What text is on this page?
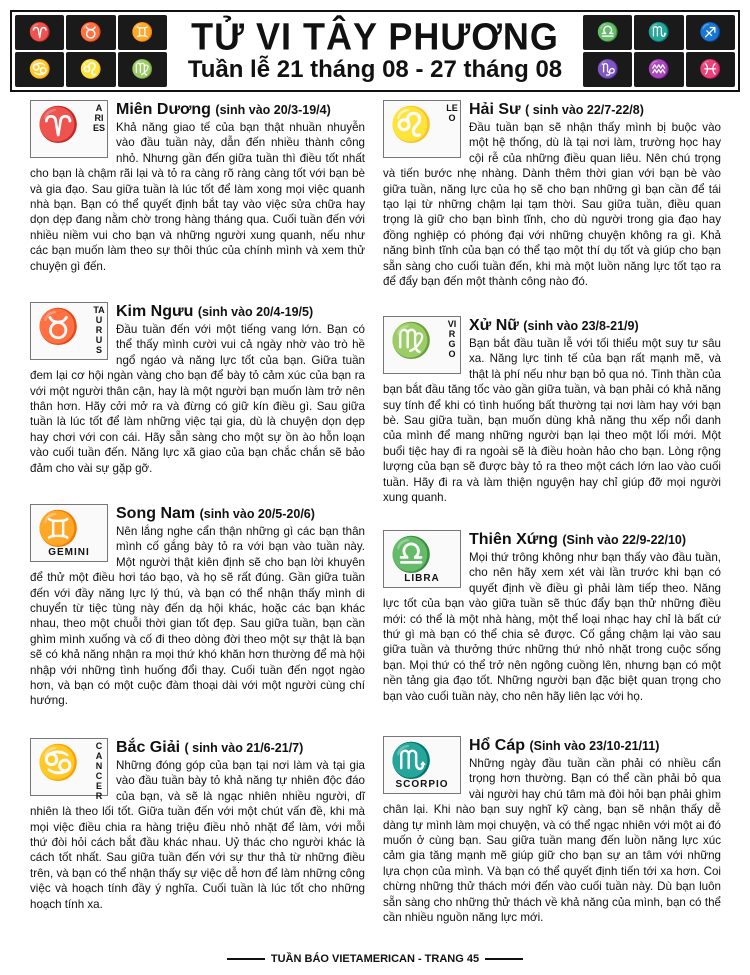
♈	♉	♊
♋	♌	♍
TỬ VI TÂY PHƯƠNG
Tuần lễ 21 tháng 08 - 27 tháng 08
♎	♏	♐
♑	♒	♓
♈	ARIES
Miên Dương (sinh vào 20/3-19/4)
Khả năng giao tế của bạn thật nhuần nhuyễn vào đầu tuần này, dẫn đến nhiều thành công nhỏ. Nhưng gần đến giữa tuần thì điều tốt nhất cho bạn là chậm rãi lại và tỏ ra càng rõ ràng càng tốt với bạn bè và gia đạo. Sau giữa tuần là lúc tốt để làm xong mọi việc quanh nhà bạn. Bạn có thể quyết định bắt tay vào việc sửa chữa hay dọn dẹp đang nằm chờ trong hàng tháng qua. Cuối tuần đến với nhiều niềm vui cho bạn và những người xung quanh, nếu như các bạn muốn làm theo sự thôi thúc của chính mình và xem thử chuyện gì đến.
♉ TAURUS
Kim Ngưu (sinh vào 20/4-19/5)
Đầu tuần đến với một tiếng vang lớn. Bạn có thể thấy mình cười vui cả ngày nhờ vào trò hề ngổ ngáo và năng lực tốt của bạn. Giữa tuần đem lại cơ hội ngàn vàng cho bạn để bày tỏ cảm xúc của bạn ra với một người thân cận, hay là một người bạn muốn làm trở nên thân hơn. Hãy cởi mở ra và đừng có giữ kín điều gì. Sau giữa tuần là lúc tốt để làm những việc tại gia, dù là chuyện dọn dẹp hay chơi với con cái. Hãy sẵn sàng cho một sự ồn ào hỗn loạn vào cuối tuần đến. Năng lực xã giao của bạn chắc chắn sẽ bảo đảm cho vài sự gặp gỡ.
♊
GEMINI
Song Nam (sinh vào 20/5-20/6)
Nên lắng nghe cẩn thận những gì các bạn thân mình cố gắng bày tỏ ra với bạn vào tuần này. Một người thật kiên định sẽ cho bạn lời khuyên để thử một điều hơi táo bạo, và họ sẽ rất đúng. Gần giữa tuần đến với đầy năng lực lý thú, và bạn có thể nhận thấy mình di chuyển từ tiệc tùng này đến dạ hội khác, hoặc các bạn khác nhau, theo một chuỗi thời gian tốt đẹp. Sau giữa tuần, bạn cần ghìm mình xuống và cố đi theo dòng đời theo một sự thật là bạn sẽ có khả năng nhận ra mọi thứ khó khăn hơn thường để mà hội nhập với những tình huống đổi thay. Cuối tuần đến ngọt ngào hơn, và bạn có một cuộc đàm thoại dài với một người cùng chí hướng.
♋	CANCER
Bắc Giải ( sinh vào 21/6-21/7)
Những đóng góp của bạn tại nơi làm và tại gia vào đầu tuần bày tỏ khả năng tự nhiên độc đáo của bạn, và sẽ là ngạc nhiên nhiều người, dĩ nhiên là theo lối tốt. Giữa tuần đến với một chút vấn đề, khi mà mọi việc điều chia ra hàng triệu điều nhỏ nhặt để làm, với mỗi thứ đòi hỏi cách bắt đầu khác nhau. Uỷ thác cho người khác là cách tốt nhất. Sau giữa tuần đến với sự thư thả từ những điều trên, và bạn có thể nhận thấy sự việc dễ hơn để làm những công việc và hoạch tính đầy ý nghĩa. Cuối tuần là lúc tốt cho những hoạch tính xa.
♌ LEO Hải Sư ( sinh vào 22/7-22/8)
Đầu tuần bạn sẽ nhận thấy mình bị buộc vào một hệ thống, dù là tại nơi làm, trường học hay cội rễ của những điều quan liêu. Nên chú trọng và tiến bước nhẹ nhàng. Dành thêm thời gian với bạn bè vào giữa tuần, năng lực của họ sẽ cho bạn những gì bạn cần để tái tạo lại từ những chậm lại tạm thời. Sau giữa tuần, điều quan trọng là giữ cho bạn bình tĩnh, cho dù người trong gia đạo hay đồng nghiệp có phóng đại với những chuyện không ra gì. Khả năng bình tĩnh của bạn có thể tạo một thí dụ tốt và giúp cho bạn sẵn sàng cho cuối tuần đến, khi mà một luồn năng lực tốt tạo ra để đẩy bạn đến một thành công nào đó.
♍ VIRGO
Xử Nữ (sinh vào 23/8-21/9)
Bạn bắt đầu tuần lễ với tối thiểu một suy tư sâu xa. Năng lực tinh tế của bạn rất mạnh mẽ, và thật là phí nếu như bạn bỏ qua nó. Tinh thần của bạn bắt đầu tăng tốc vào gần giữa tuần, và bạn phải có khả năng suy tính để khi có tình huống bất thường tại nơi làm hay với bạn bè. Sau giữa tuần, bạn muốn dùng khả năng thu xếp nổi danh của mình để mang những người bạn lại theo một lối mới. Một buổi tiệc hay đi ra ngoài sẽ là điều hoàn hảo cho bạn. Lòng rộng lượng của bạn sẽ được bày tỏ ra theo một cách lớn lao vào cuối tuần. Hãy đi ra và làm thiện nguyện hay chỉ giúp đỡ mọi người xung quanh.
♎
LIBRA
Thiên Xứng (Sinh vào 22/9-22/10)
Mọi thứ trông không như bạn thấy vào đầu tuần, cho nên hãy xem xét vài lần trước khi bạn có quyết định về điều gì phải làm tiếp theo. Năng lực tốt của bạn vào giữa tuần sẽ thúc đẩy bạn thử những điều mới: có thể là một nhà hàng, một thể loại nhạc hay chỉ là bất cứ thứ gì mà bạn có thể chia sẻ được. Cố gắng chậm lại vào sau giữa tuần và thưởng thức những thứ nhỏ nhặt trong cuộc sống bạn. Mọi thứ có thể trở nên ngông cuồng lên, nhưng bạn có một nền tảng gia đạo tốt. Những người bạn đặc biệt quan trọng cho bạn vào cuối tuần này, cho nên hãy liên lạc với họ.
♏
SCORPIO
Hổ Cáp (Sinh vào 23/10-21/11)
Những ngày đầu tuần cần phải có nhiều cẩn trọng hơn thường. Bạn có thể cần phải bỏ qua vài người hay chú tâm mà đòi hỏi bạn phải ghìm chân lại. Khi nào bạn suy nghĩ kỹ càng, bạn sẽ nhận thấy dễ dàng tự mình làm mọi chuyện, và có thể ngạc nhiên với một ai đó muốn ở cùng bạn. Sau giữa tuần mang đến luồn năng lực xúc cảm gia tăng mạnh mẽ giúp giữ cho bạn sự an tâm với những lựa chọn của mình. Và bạn có thể quyết định tiến tới xa hơn. Coi chừng những thử thách mới đến vào cuối tuần này. Dù bạn luôn sẵn sàng cho những thử thách về khả năng của mình, bạn có thể cần nhiều nguồn năng lực mới.
TUẦN BÁO VIETAMERICAN - TRANG 45
